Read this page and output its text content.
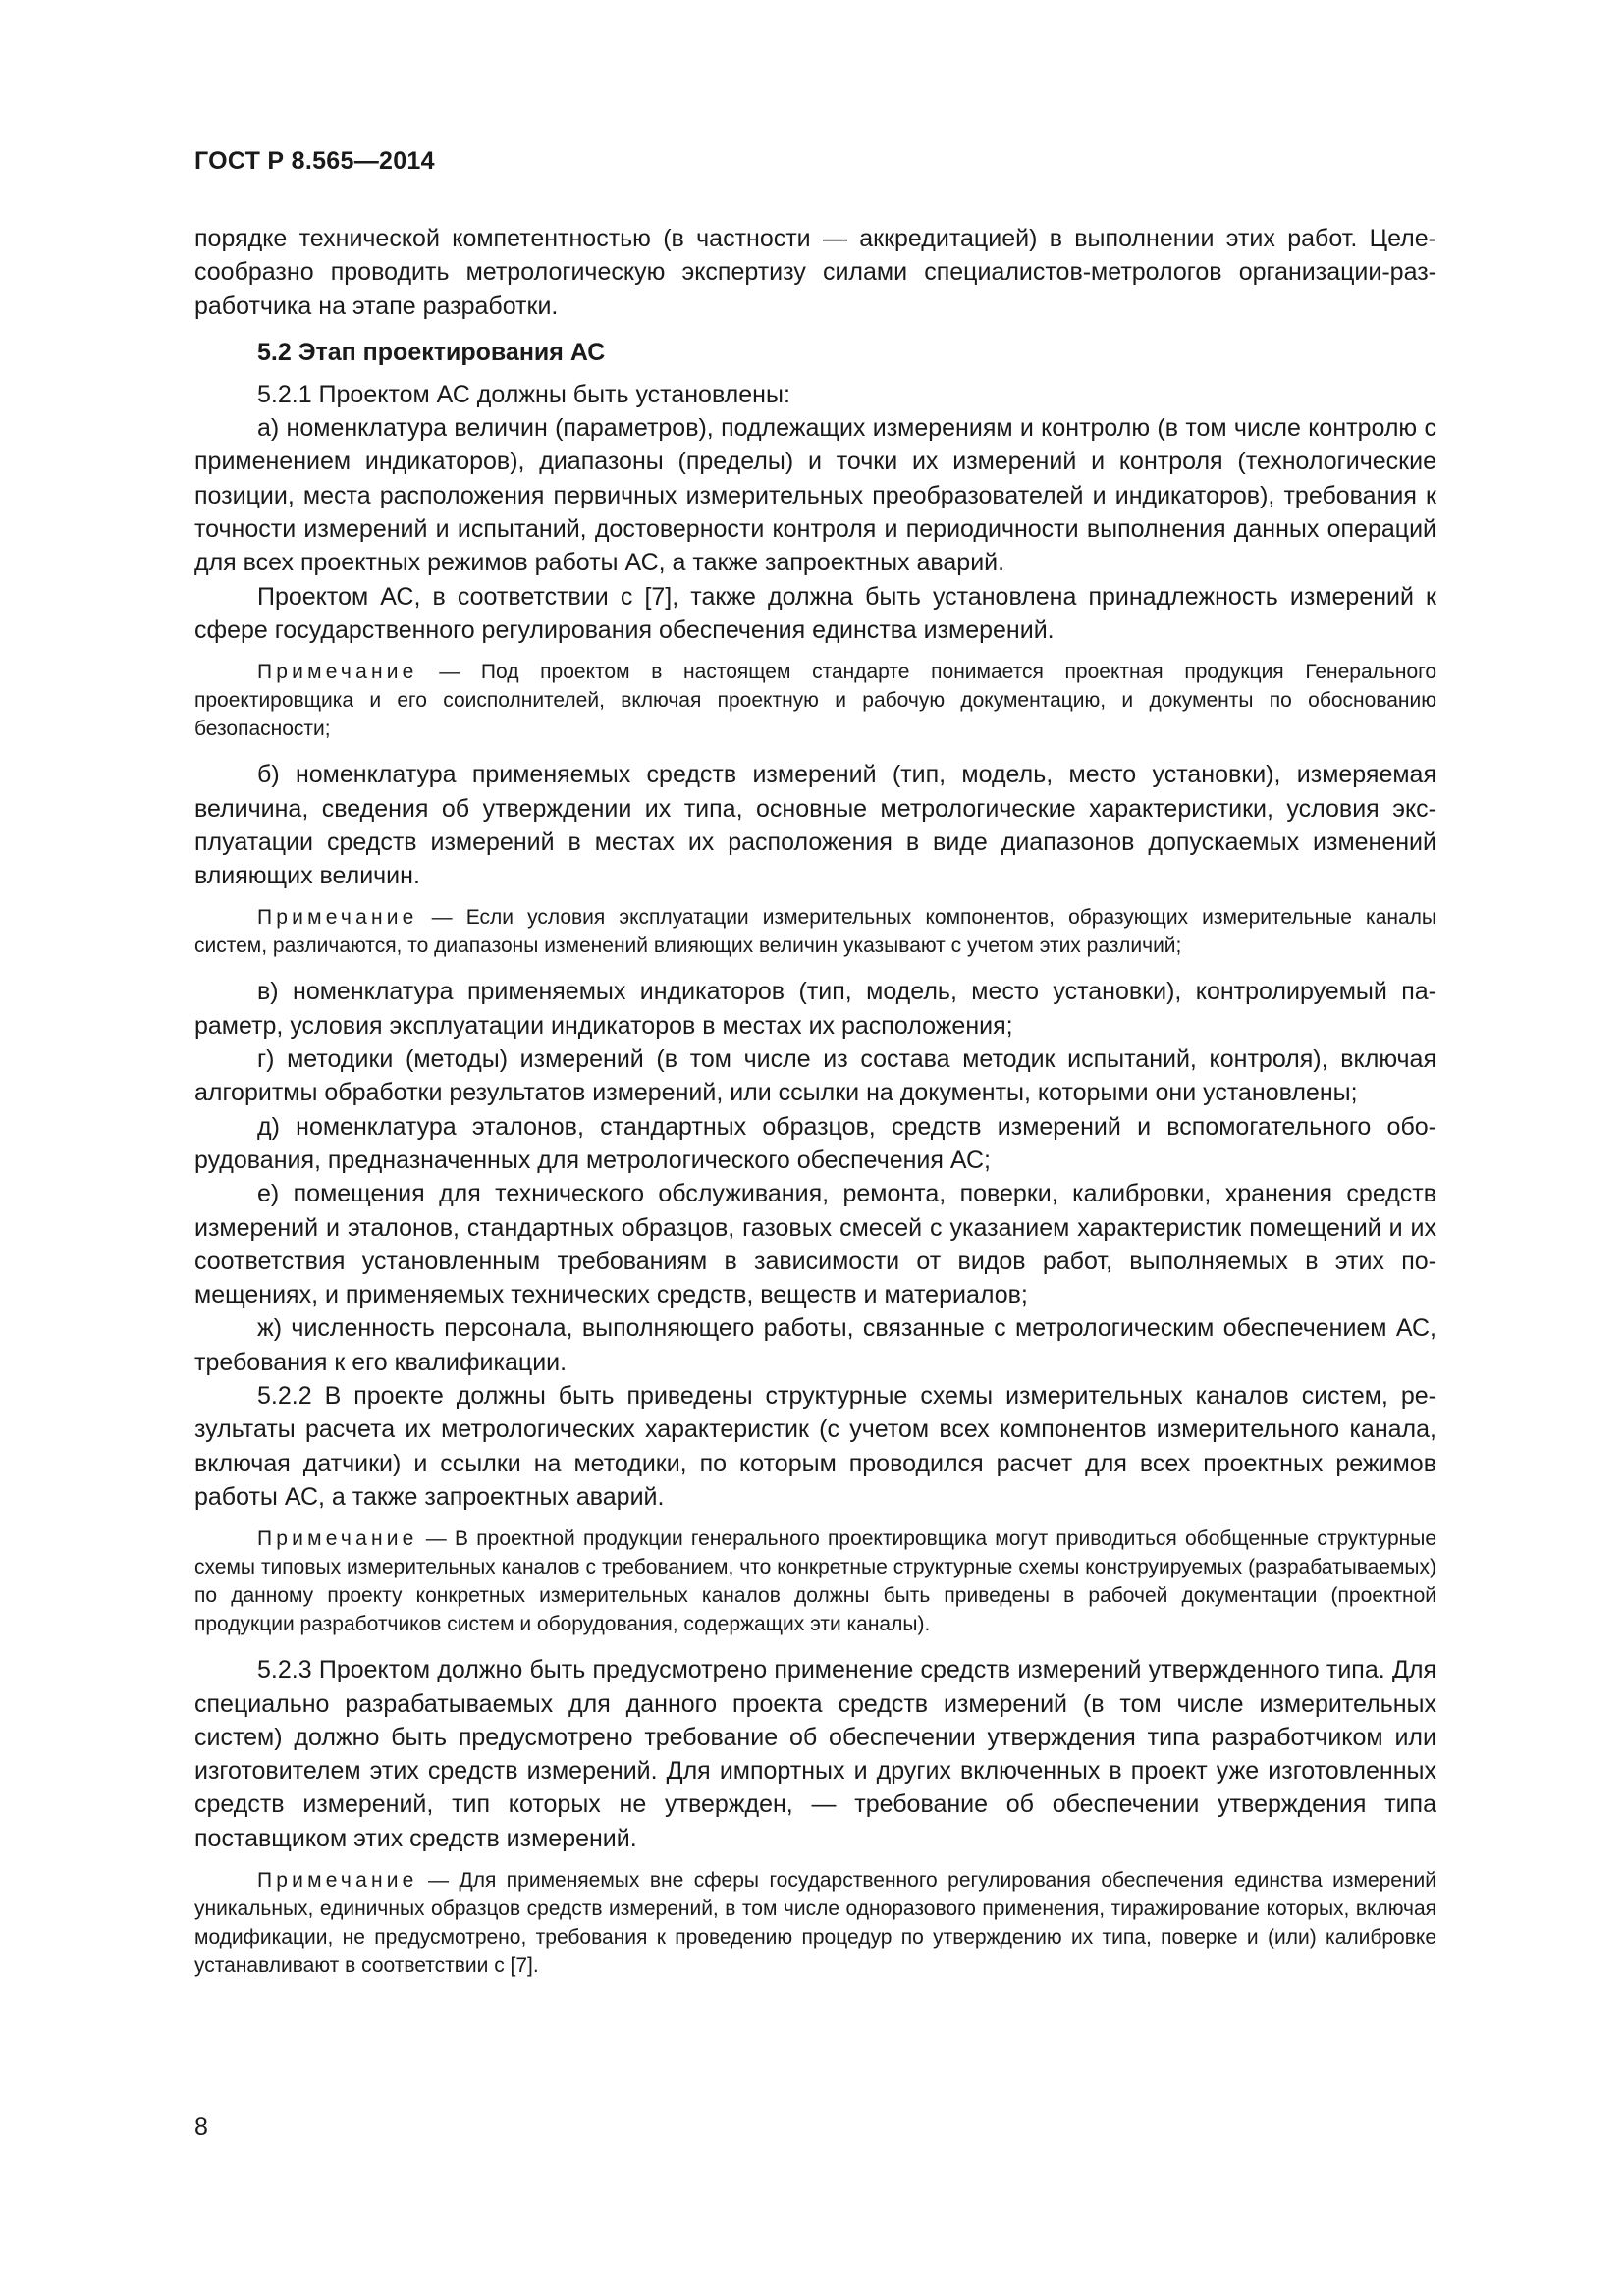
ГОСТ Р 8.565—2014

порядке технической компетентностью (в частности — аккредитацией) в выполнении этих работ. Целесообразно проводить метрологическую экспертизу силами специалистов-метрологов организации-разработчика на этапе разработки.

5.2 Этап проектирования АС

5.2.1 Проектом АС должны быть установлены:

а) номенклатура величин (параметров), подлежащих измерениям и контролю (в том числе контролю с применением индикаторов), диапазоны (пределы) и точки их измерений и контроля (технологические позиции, места расположения первичных измерительных преобразователей и индикаторов), требования к точности измерений и испытаний, достоверности контроля и периодичности выполнения данных операций для всех проектных режимов работы АС, а также запроектных аварий.

Проектом АС, в соответствии с [7], также должна быть установлена принадлежность измерений к сфере государственного регулирования обеспечения единства измерений.

Примечание — Под проектом в настоящем стандарте понимается проектная продукция Генерального проектировщика и его соисполнителей, включая проектную и рабочую документацию, и документы по обоснованию безопасности;

б) номенклатура применяемых средств измерений (тип, модель, место установки), измеряемая величина, сведения об утверждении их типа, основные метрологические характеристики, условия эксплуатации средств измерений в местах их расположения в виде диапазонов допускаемых изменений влияющих величин.

Примечание — Если условия эксплуатации измерительных компонентов, образующих измерительные каналы систем, различаются, то диапазоны изменений влияющих величин указывают с учетом этих различий;

в) номенклатура применяемых индикаторов (тип, модель, место установки), контролируемый параметр, условия эксплуатации индикаторов в местах их расположения;

г) методики (методы) измерений (в том числе из состава методик испытаний, контроля), включая алгоритмы обработки результатов измерений, или ссылки на документы, которыми они установлены;

д) номенклатура эталонов, стандартных образцов, средств измерений и вспомогательного оборудования, предназначенных для метрологического обеспечения АС;

е) помещения для технического обслуживания, ремонта, поверки, калибровки, хранения средств измерений и эталонов, стандартных образцов, газовых смесей с указанием характеристик помещений и их соответствия установленным требованиям в зависимости от видов работ, выполняемых в этих помещениях, и применяемых технических средств, веществ и материалов;

ж) численность персонала, выполняющего работы, связанные с метрологическим обеспечением АС, требования к его квалификации.

5.2.2 В проекте должны быть приведены структурные схемы измерительных каналов систем, результаты расчета их метрологических характеристик (с учетом всех компонентов измерительного канала, включая датчики) и ссылки на методики, по которым проводился расчет для всех проектных режимов работы АС, а также запроектных аварий.

Примечание — В проектной продукции генерального проектировщика могут приводиться обобщенные структурные схемы типовых измерительных каналов с требованием, что конкретные структурные схемы конструируемых (разрабатываемых) по данному проекту конкретных измерительных каналов должны быть приведены в рабочей документации (проектной продукции разработчиков систем и оборудования, содержащих эти каналы).

5.2.3 Проектом должно быть предусмотрено применение средств измерений утвержденного типа. Для специально разрабатываемых для данного проекта средств измерений (в том числе измерительных систем) должно быть предусмотрено требование об обеспечении утверждения типа разработчиком или изготовителем этих средств измерений. Для импортных и других включенных в проект уже изготовленных средств измерений, тип которых не утвержден, — требование об обеспечении утверждения типа поставщиком этих средств измерений.

Примечание — Для применяемых вне сферы государственного регулирования обеспечения единства измерений уникальных, единичных образцов средств измерений, в том числе одноразового применения, тиражирование которых, включая модификации, не предусмотрено, требования к проведению процедур по утверждению их типа, поверке и (или) калибровке устанавливают в соответствии с [7].

8
